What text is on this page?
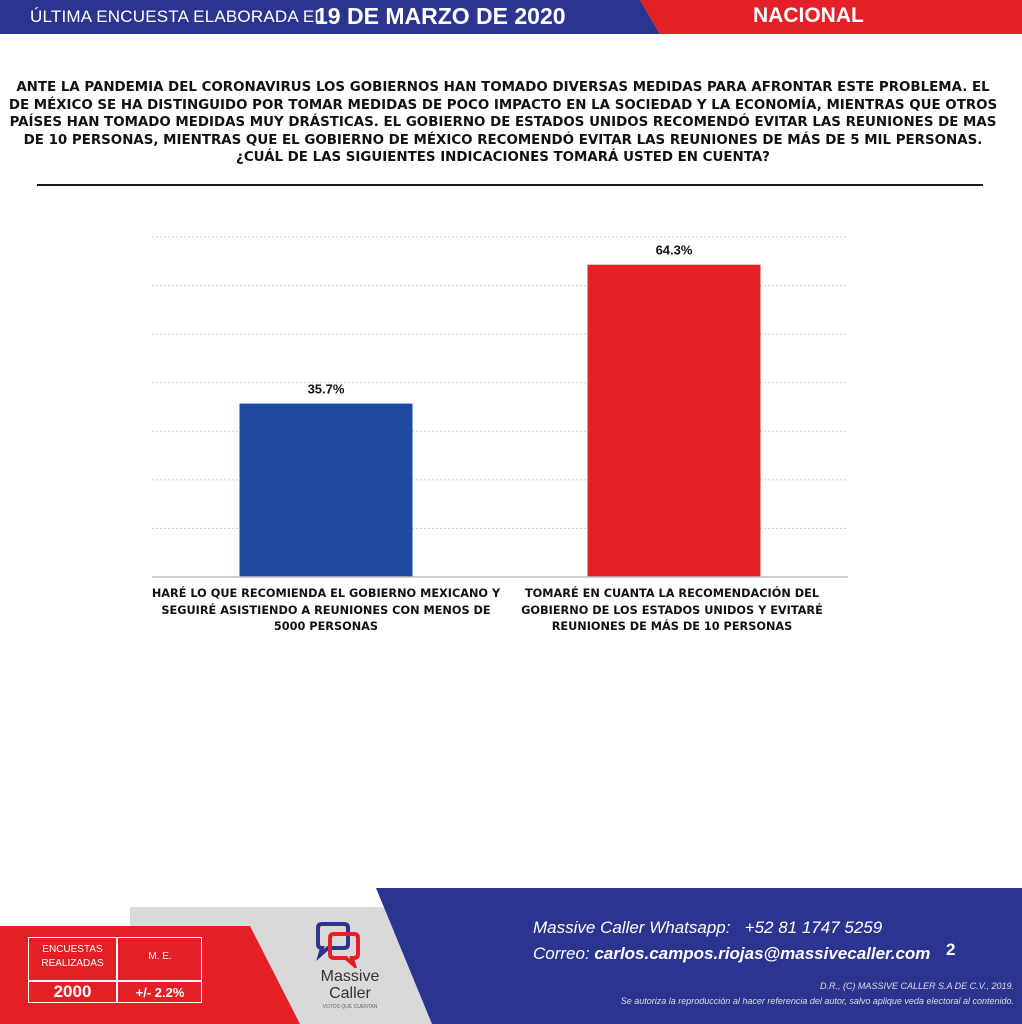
ÚLTIMA ENCUESTA ELABORADA EL
19 DE MARZO DE 2020	NACIONAL
ANTE LA PANDEMIA DEL CORONAVIRUS LOS GOBIERNOS HAN TOMADO DIVERSAS MEDIDAS PARA AFRONTAR ESTE PROBLEMA. EL DE MÉXICO SE HA DISTINGUIDO POR TOMAR MEDIDAS DE POCO IMPACTO EN LA SOCIEDAD Y LA ECONOMÍA, MIENTRAS QUE OTROS PAÍSES HAN TOMADO MEDIDAS MUY DRÁSTICAS. EL GOBIERNO DE ESTADOS UNIDOS RECOMENDÓ EVITAR LAS REUNIONES DE MAS DE 10 PERSONAS, MIENTRAS QUE EL GOBIERNO DE MÉXICO RECOMENDÓ EVITAR LAS REUNIONES DE MÁS DE 5 MIL PERSONAS. ¿CUÁL DE LAS SIGUIENTES INDICACIONES TOMARÁ USTED EN CUENTA?
35.7%
64.3%
HARÉ LO QUE RECOMIENDA EL GOBIERNO MEXICANO Y SEGUIRÉ ASISTIENDO A REUNIONES CON MENOS DE 5000 PERSONAS
TOMARÉ EN CUANTA LA RECOMENDACIÓN DEL GOBIERNO DE LOS ESTADOS UNIDOS Y EVITARÉ REUNIONES DE MÁS DE 10 PERSONAS
ENCUESTAS REALIZADAS
M. E.
2000	+/- 2.2%
Massive
Caller
VOTOS QUE CUENTAN
Massive Caller Whatsapp: +52 81 1747 5259
Correo: carlos.campos.riojas@massivecaller.com 2
D.R., (C) MASSIVE CALLER S.A DE C.V., 2019.
Se autoriza la reproducción al hacer referencia del autor, salvo aplique veda electoral al contenido.
